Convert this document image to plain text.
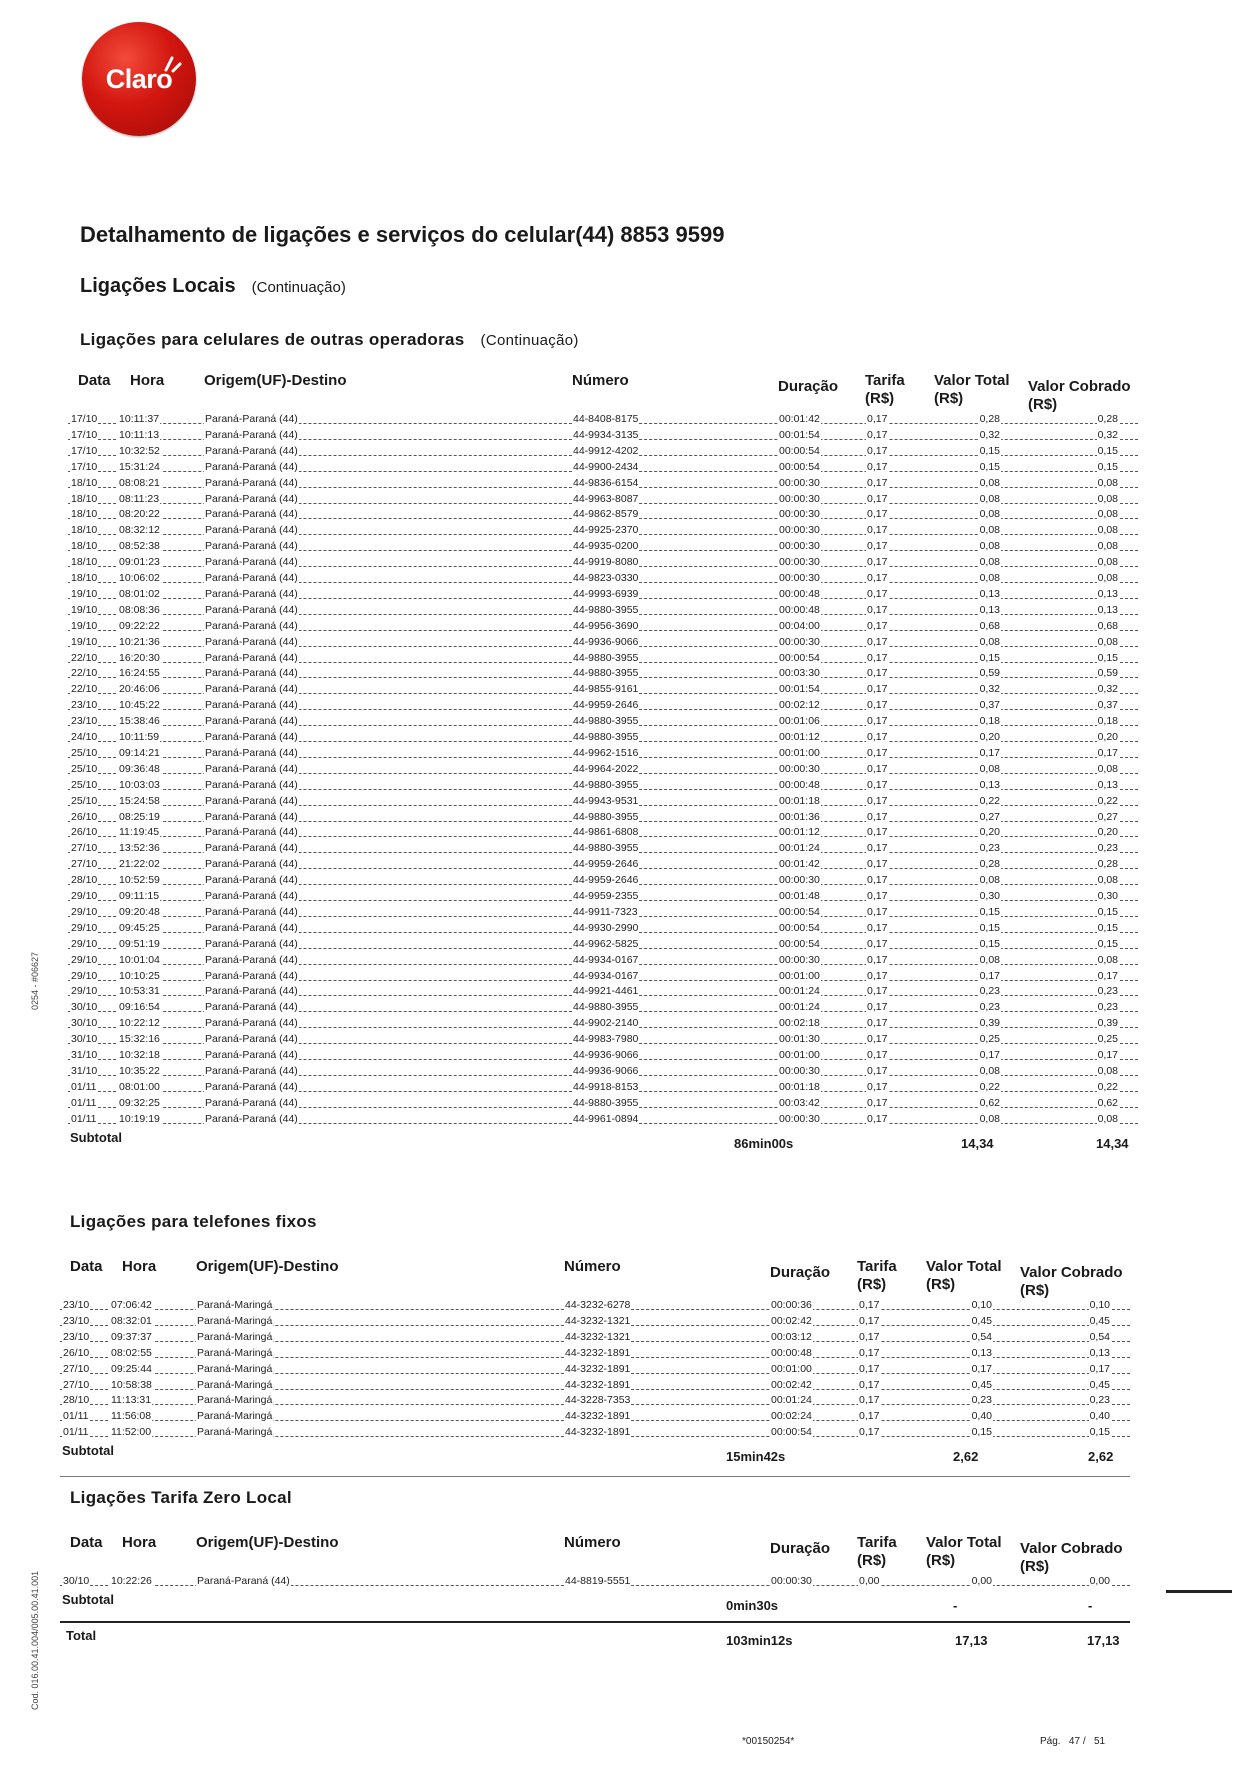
Claro
Detalhamento de ligações e serviços do celular(44) 8853 9599
Ligações Locais (Continuação)
Ligações para celulares de outras operadoras (Continuação)
Data Hora	Origem(UF)-Destino	Número	Duração Tarifa (R$)
Valor Total (R$)
Valor Cobrado (R$)
17/10 10:11:37	Paraná-Paraná (44)	44-8408-8175	00:01:42	0,17	0,28	0,28
17/10 10:11:13	Paraná-Paraná (44)	44-9934-3135	00:01:54	0,17	0,32	0,32
17/10 10:32:52	Paraná-Paraná (44)	44-9912-4202	00:00:54	0,17	0,15	0,15
17/10 15:31:24	Paraná-Paraná (44)	44-9900-2434	00:00:54	0,17	0,15	0,15
18/10 08:08:21	Paraná-Paraná (44)	44-9836-6154	00:00:30	0,17	0,08	0,08
18/10 08:11:23	Paraná-Paraná (44)	44-9963-8087	00:00:30	0,17	0,08	0,08
18/10 08:20:22	Paraná-Paraná (44)	44-9862-8579	00:00:30	0,17	0,08	0,08
18/10 08:32:12	Paraná-Paraná (44)	44-9925-2370	00:00:30	0,17	0,08	0,08
18/10 08:52:38	Paraná-Paraná (44)	44-9935-0200	00:00:30	0,17	0,08	0,08
18/10 09:01:23	Paraná-Paraná (44)	44-9919-8080	00:00:30	0,17	0,08	0,08
18/10 10:06:02	Paraná-Paraná (44)	44-9823-0330	00:00:30	0,17	0,08	0,08
19/10 08:01:02	Paraná-Paraná (44)	44-9993-6939	00:00:48	0,17	0,13	0,13
19/10 08:08:36	Paraná-Paraná (44)	44-9880-3955	00:00:48	0,17	0,13	0,13
19/10 09:22:22	Paraná-Paraná (44)	44-9956-3690	00:04:00	0,17	0,68	0,68
19/10 10:21:36	Paraná-Paraná (44)	44-9936-9066	00:00:30	0,17	0,08	0,08
22/10 16:20:30	Paraná-Paraná (44)	44-9880-3955	00:00:54	0,17	0,15	0,15
22/10 16:24:55	Paraná-Paraná (44)	44-9880-3955	00:03:30	0,17	0,59	0,59
22/10 20:46:06	Paraná-Paraná (44)	44-9855-9161	00:01:54	0,17	0,32	0,32
23/10 10:45:22	Paraná-Paraná (44)	44-9959-2646	00:02:12	0,17	0,37	0,37
23/10 15:38:46	Paraná-Paraná (44)	44-9880-3955	00:01:06	0,17	0,18	0,18
24/10 10:11:59	Paraná-Paraná (44)	44-9880-3955	00:01:12	0,17	0,20	0,20
25/10 09:14:21	Paraná-Paraná (44)	44-9962-1516	00:01:00	0,17	0,17	0,17
25/10 09:36:48	Paraná-Paraná (44)	44-9964-2022	00:00:30	0,17	0,08	0,08
25/10 10:03:03	Paraná-Paraná (44)	44-9880-3955	00:00:48	0,17	0,13	0,13
25/10 15:24:58	Paraná-Paraná (44)	44-9943-9531	00:01:18	0,17	0,22	0,22
26/10 08:25:19	Paraná-Paraná (44)	44-9880-3955	00:01:36	0,17	0,27	0,27
26/10 11:19:45	Paraná-Paraná (44)	44-9861-6808	00:01:12	0,17	0,20	0,20
27/10 13:52:36	Paraná-Paraná (44)	44-9880-3955	00:01:24	0,17	0,23	0,23
27/10 21:22:02	Paraná-Paraná (44)	44-9959-2646	00:01:42	0,17	0,28	0,28
28/10 10:52:59	Paraná-Paraná (44)	44-9959-2646	00:00:30	0,17	0,08	0,08
29/10 09:11:15	Paraná-Paraná (44)	44-9959-2355	00:01:48	0,17	0,30	0,30
29/10 09:20:48	Paraná-Paraná (44)	44-9911-7323	00:00:54	0,17	0,15	0,15
29/10 09:45:25	Paraná-Paraná (44)	44-9930-2990	00:00:54	0,17	0,15	0,15
29/10 09:51:19	Paraná-Paraná (44)	44-9962-5825	00:00:54	0,17	0,15	0,15
29/10 10:01:04	Paraná-Paraná (44)	44-9934-0167	00:00:30	0,17	0,08	0,08
29/10 10:10:25	Paraná-Paraná (44)	44-9934-0167	00:01:00	0,17	0,17	0,17
29/10 10:53:31	Paraná-Paraná (44)	44-9921-4461	00:01:24	0,17	0,23	0,23
30/10 09:16:54	Paraná-Paraná (44)	44-9880-3955	00:01:24	0,17	0,23	0,23
30/10 10:22:12	Paraná-Paraná (44)	44-9902-2140	00:02:18	0,17	0,39	0,39
30/10 15:32:16	Paraná-Paraná (44)	44-9983-7980	00:01:30	0,17	0,25	0,25
31/10 10:32:18	Paraná-Paraná (44)	44-9936-9066	00:01:00	0,17	0,17	0,17
31/10 10:35:22	Paraná-Paraná (44)	44-9936-9066	00:00:30	0,17	0,08	0,08
01/11 08:01:00	Paraná-Paraná (44)	44-9918-8153	00:01:18	0,17	0,22	0,22
01/11 09:32:25	Paraná-Paraná (44)	44-9880-3955	00:03:42	0,17	0,62	0,62
01/11 10:19:19	Paraná-Paraná (44)	44-9961-0894	00:00:30	0,17	0,08	0,08
Subtotal	86min00s	14,34	14,34
Ligações para telefones fixos
Data Hora	Origem(UF)-Destino	Número	Duração Tarifa (R$)
Valor Total (R$)
Valor Cobrado (R$)
23/10 07:06:42	Paraná-Maringá	44-3232-6278	00:00:36	0,17	0,10	0,10
23/10 08:32:01	Paraná-Maringá	44-3232-1321	00:02:42	0,17	0,45	0,45
23/10 09:37:37	Paraná-Maringá	44-3232-1321	00:03:12	0,17	0,54	0,54
26/10 08:02:55	Paraná-Maringá	44-3232-1891	00:00:48	0,17	0,13	0,13
27/10 09:25:44	Paraná-Maringá	44-3232-1891	00:01:00	0,17	0,17	0,17
27/10 10:58:38	Paraná-Maringá	44-3232-1891	00:02:42	0,17	0,45	0,45
28/10 11:13:31	Paraná-Maringá	44-3228-7353	00:01:24	0,17	0,23	0,23
01/11 11:56:08	Paraná-Maringá	44-3232-1891	00:02:24	0,17	0,40	0,40
01/11 11:52:00	Paraná-Maringá	44-3232-1891	00:00:54	0,17	0,15	0,15
Subtotal	15min42s	2,62	2,62
Ligações Tarifa Zero Local
Data Hora	Origem(UF)-Destino	Número	Duração Tarifa (R$)
Valor Total (R$)
Valor Cobrado (R$)
30/10 10:22:26	Paraná-Paraná (44)	44-8819-5551	00:00:30	0,00	0,00	0,00
Subtotal	0min30s	-	-
Total	103min12s	17,13	17,13
0254 - #06627
Cod. 016.00.41.004/005.00.41.001
*00150254*	Pág. 47 / 51
